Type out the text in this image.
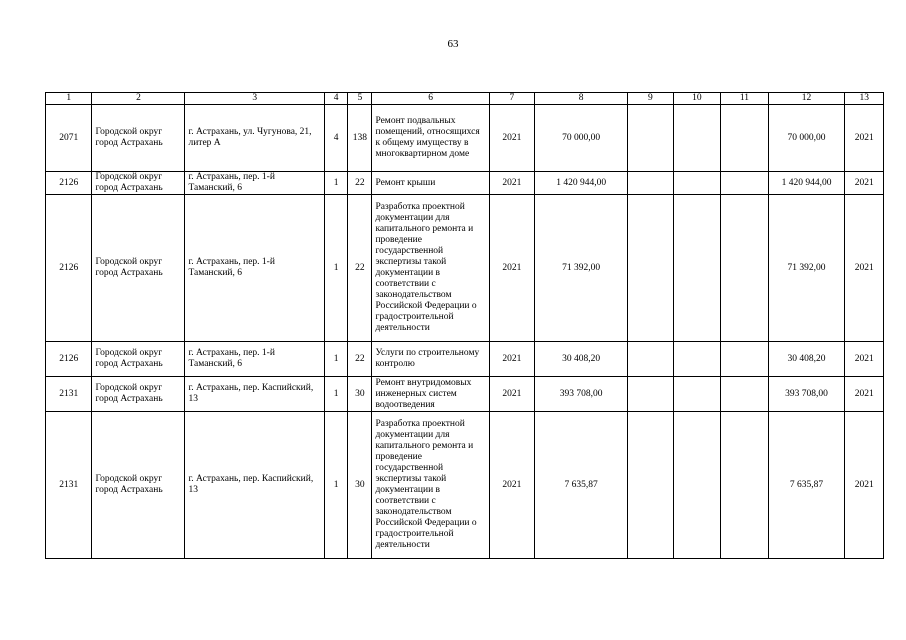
63
1	2	3	4	5	6	7	8	9	10	11	12	13
2071	Городской округ город Астрахань	г. Астрахань, ул. Чугунова, 21, литер А	4	138	Ремонт подвальных помещений, относящихся к общему имуществу в многоквартирном доме	2021	70 000,00				70 000,00	2021
2126	Городской округ город Астрахань	г. Астрахань, пер. 1-й Таманский, 6	1	22	Ремонт крыши	2021	1 420 944,00				1 420 944,00	2021
2126	Городской округ город Астрахань	г. Астрахань, пер. 1-й Таманский, 6	1	22	Разработка проектной документации для капитального ремонта и проведение государственной экспертизы такой документации в соответствии с законодательством Российской Федерации о градостроительной деятельности	2021	71 392,00				71 392,00	2021
2126	Городской округ город Астрахань	г. Астрахань, пер. 1-й Таманский, 6	1	22	Услуги по строительному контролю	2021	30 408,20				30 408,20	2021
2131	Городской округ город Астрахань	г. Астрахань, пер. Каспийский, 13	1	30	Ремонт внутридомовых инженерных систем водоотведения	2021	393 708,00				393 708,00	2021
2131	Городской округ город Астрахань	г. Астрахань, пер. Каспийский, 13	1	30	Разработка проектной документации для капитального ремонта и проведение государственной экспертизы такой документации в соответствии с законодательством Российской Федерации о градостроительной деятельности	2021	7 635,87				7 635,87	2021
